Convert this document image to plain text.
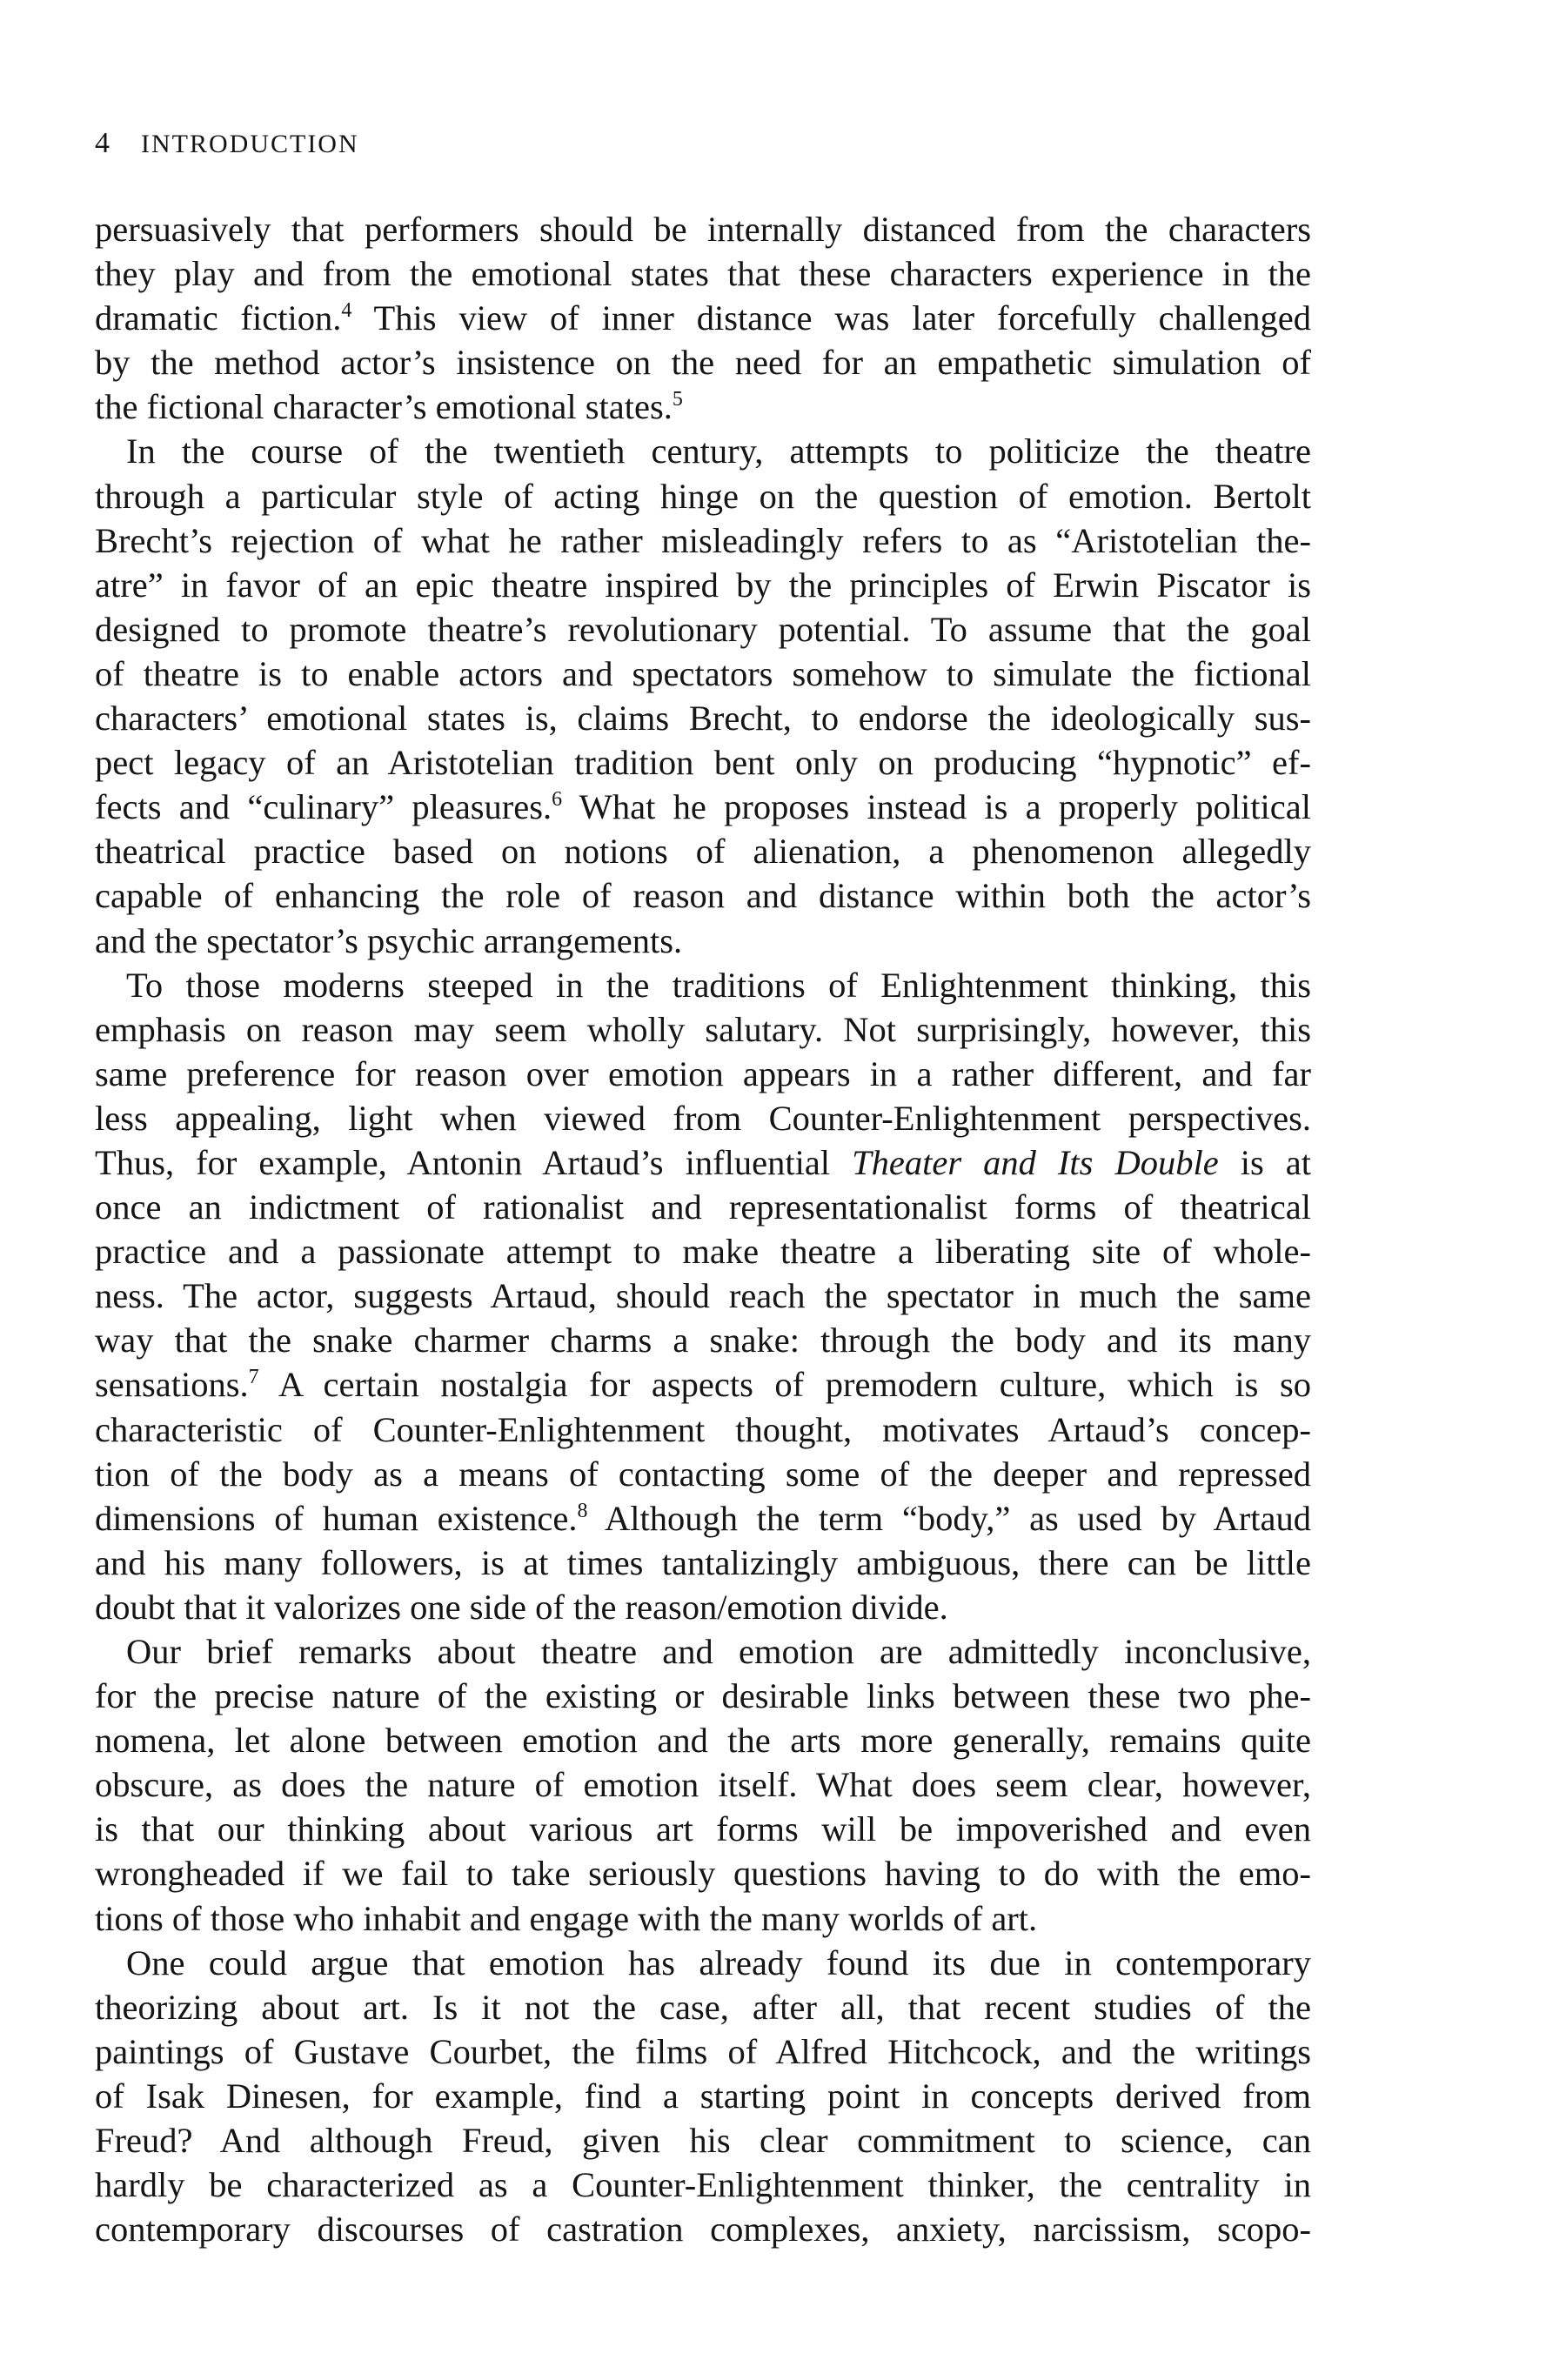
4 INTRODUCTION
persuasively that performers should be internally distanced from the characters
they play and from the emotional states that these characters experience in the
dramatic fiction.$^4$ This view of inner distance was later forcefully challenged
by the method actor’s insistence on the need for an empathetic simulation of
the fictional character’s emotional states.$^5$
In the course of the twentieth century, attempts to politicize the theatre
through a particular style of acting hinge on the question of emotion. Bertolt
Brecht’s rejection of what he rather misleadingly refers to as “Aristotelian the-
atre” in favor of an epic theatre inspired by the principles of Erwin Piscator is
designed to promote theatre’s revolutionary potential. To assume that the goal
of theatre is to enable actors and spectators somehow to simulate the fictional
characters’ emotional states is, claims Brecht, to endorse the ideologically sus-
pect legacy of an Aristotelian tradition bent only on producing “hypnotic” ef-
fects and “culinary” pleasures.$^6$ What he proposes instead is a properly political
theatrical practice based on notions of alienation, a phenomenon allegedly
capable of enhancing the role of reason and distance within both the actor’s
and the spectator’s psychic arrangements.
To those moderns steeped in the traditions of Enlightenment thinking, this
emphasis on reason may seem wholly salutary. Not surprisingly, however, this
same preference for reason over emotion appears in a rather different, and far
less appealing, light when viewed from Counter-Enlightenment perspectives.
Thus, for example, Antonin Artaud’s influential Theater and Its Double is at
once an indictment of rationalist and representationalist forms of theatrical
practice and a passionate attempt to make theatre a liberating site of whole-
ness. The actor, suggests Artaud, should reach the spectator in much the same
way that the snake charmer charms a snake: through the body and its many
sensations.$^7$ A certain nostalgia for aspects of premodern culture, which is so
characteristic of Counter-Enlightenment thought, motivates Artaud’s concep-
tion of the body as a means of contacting some of the deeper and repressed
dimensions of human existence.$^8$ Although the term “body,” as used by Artaud
and his many followers, is at times tantalizingly ambiguous, there can be little
doubt that it valorizes one side of the reason/emotion divide.
Our brief remarks about theatre and emotion are admittedly inconclusive,
for the precise nature of the existing or desirable links between these two phe-
nomena, let alone between emotion and the arts more generally, remains quite
obscure, as does the nature of emotion itself. What does seem clear, however,
is that our thinking about various art forms will be impoverished and even
wrongheaded if we fail to take seriously questions having to do with the emo-
tions of those who inhabit and engage with the many worlds of art.
One could argue that emotion has already found its due in contemporary
theorizing about art. Is it not the case, after all, that recent studies of the
paintings of Gustave Courbet, the films of Alfred Hitchcock, and the writings
of Isak Dinesen, for example, find a starting point in concepts derived from
Freud? And although Freud, given his clear commitment to science, can
hardly be characterized as a Counter-Enlightenment thinker, the centrality in
contemporary discourses of castration complexes, anxiety, narcissism, scopo-
